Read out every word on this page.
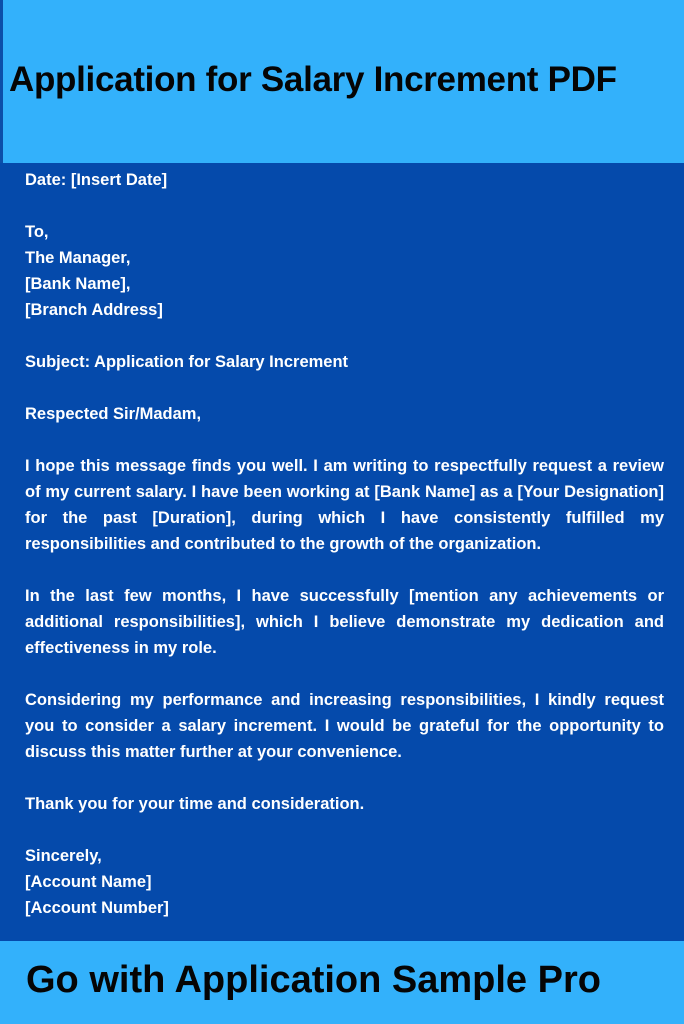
Application for Salary Increment PDF

Date: [Insert Date]

To,
The Manager,
[Bank Name],
[Branch Address]

Subject: Application for Salary Increment

Respected Sir/Madam,

I hope this message finds you well. I am writing to respectfully request a review of my current salary. I have been working at [Bank Name] as a [Your Designation] for the past [Duration], during which I have consistently fulfilled my responsibilities and contributed to the growth of the organization.

In the last few months, I have successfully [mention any achievements or additional responsibilities], which I believe demonstrate my dedication and effectiveness in my role.

Considering my performance and increasing responsibilities, I kindly request you to consider a salary increment. I would be grateful for the opportunity to discuss this matter further at your convenience.

Thank you for your time and consideration.

Sincerely,
[Account Name]
[Account Number]

Go with Application Sample Pro
